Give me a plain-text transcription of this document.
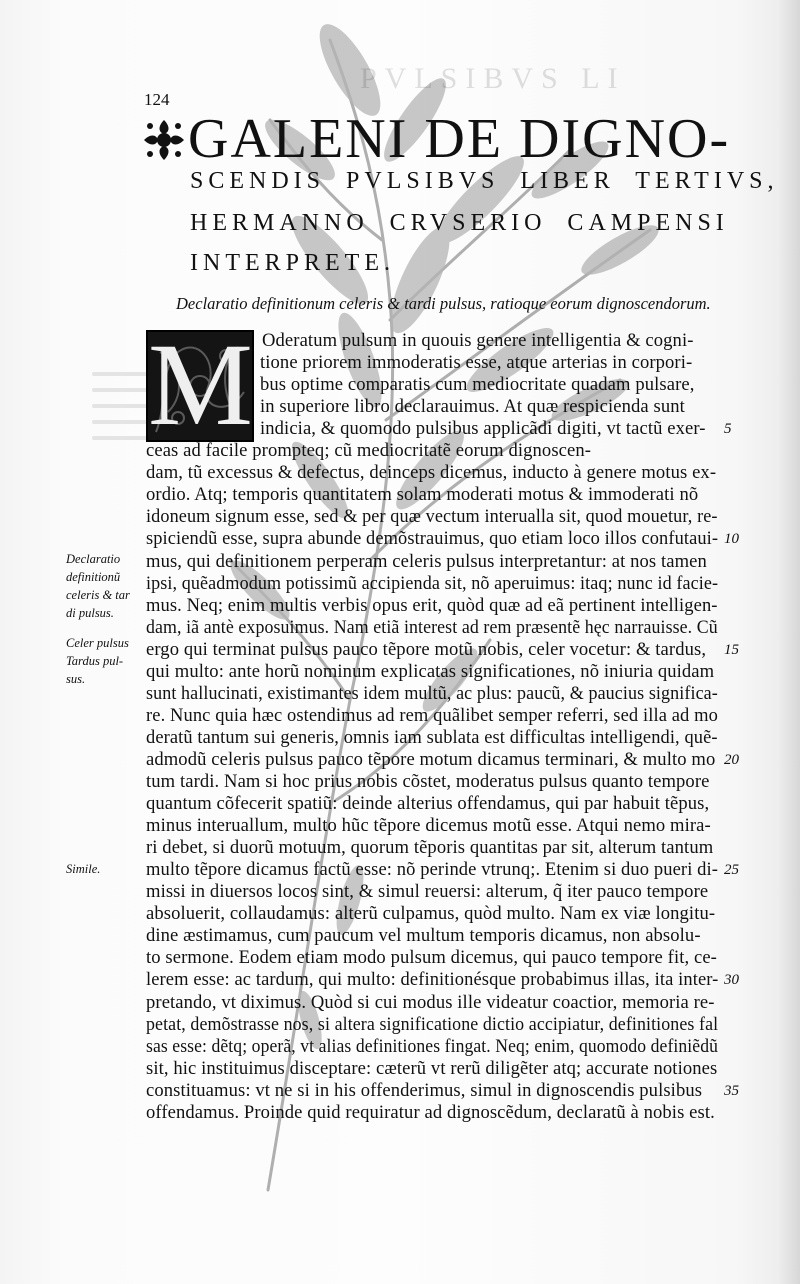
PVLSIBVS LI
124
GALENI DE DIGNO-
SCENDIS PVLSIBVS LIBER TERTIVS,
HERMANNO CRVSERIO CAMPENSI
INTERPRETE.
Declaratio definitionum celeris & tardi pulsus, ratioque eorum dignoscendorum.
M Oderatum pulsum in quouis genere intelligentia & cogni-
tione priorem immoderatis esse, atque arterias in corpori-
bus optime comparatis cum mediocritate quadam pulsare,
in superiore libro declarauimus. At quæ respicienda sunt
indicia, & quomodo pulsibus applicãdi digiti, vt tactũ exer-
ceas ad facile prompteq; cũ mediocritatẽ eorum dignoscen-
dam, tũ excessus & defectus, deinceps dicemus, inducto à genere motus ex-
ordio. Atq; temporis quantitatem solam moderati motus & immoderati nõ
idoneum signum esse, sed & per quæ vectum interualla sit, quod mouetur, re-
spiciendũ esse, supra abunde demõstrauimus, quo etiam loco illos confutaui-
mus, qui definitionem perperam celeris pulsus interpretantur: at nos tamen
ipsi, quẽadmodum potissimũ accipienda sit, nõ aperuimus: itaq; nunc id facie-
mus. Neq; enim multis verbis opus erit, quòd quæ ad eã pertinent intelligen-
dam, iã antè exposuimus. Nam etiã interest ad rem præsentẽ hęc narrauisse. Cũ
ergo qui terminat pulsus pauco tẽpore motũ nobis, celer vocetur: & tardus,
qui multo: ante horũ nominum explicatas significationes, nõ iniuria quidam
sunt hallucinati, existimantes idem multũ, ac plus: paucũ, & paucius significa-
re. Nunc quia hæc ostendimus ad rem quãlibet semper referri, sed illa ad mo
deratũ tantum sui generis, omnis iam sublata est difficultas intelligendi, quẽ-
admodũ celeris pulsus pauco tẽpore motum dicamus terminari, & multo mo
tum tardi. Nam si hoc prius nobis cõstet, moderatus pulsus quanto tempore
quantum cõfecerit spatiũ: deinde alterius offendamus, qui par habuit tẽpus,
minus interuallum, multo hũc tẽpore dicemus motũ esse. Atqui nemo mira-
ri debet, si duorũ motuum, quorum tẽporis quantitas par sit, alterum tantum
multo tẽpore dicamus factũ esse: nõ perinde vtrunq;. Etenim si duo pueri di-
missi in diuersos locos sint, & simul reuersi: alterum, q̃ iter pauco tempore
absoluerit, collaudamus: alterũ culpamus, quòd multo. Nam ex viæ longitu-
dine æstimamus, cum paucum vel multum temporis dicamus, non absolu-
to sermone. Eodem etiam modo pulsum dicemus, qui pauco tempore fit, ce-
lerem esse: ac tardum, qui multo: definitionésque probabimus illas, ita inter-
pretando, vt diximus. Quòd si cui modus ille videatur coactior, memoria re-
petat, demõstrasse nos, si altera significatione dictio accipiatur, definitiones fal
sas esse: dẽtq; operã, vt alias definitiones fingat. Neq; enim, quomodo definiẽdũ
sit, hic instituimus disceptare: cæterũ vt rerũ diligẽter atq; accurate notiones
constituamus: vt ne si in his offenderimus, simul in dignoscendis pulsibus
offendamus. Proinde quid requiratur ad dignoscẽdum, declaratũ à nobis est.
5
10
15
20
25
30
35
Declaratio
definitionũ
celeris & tar
di pulsus.
Celer pulsus
Tardus pul-
sus.
Simile.
